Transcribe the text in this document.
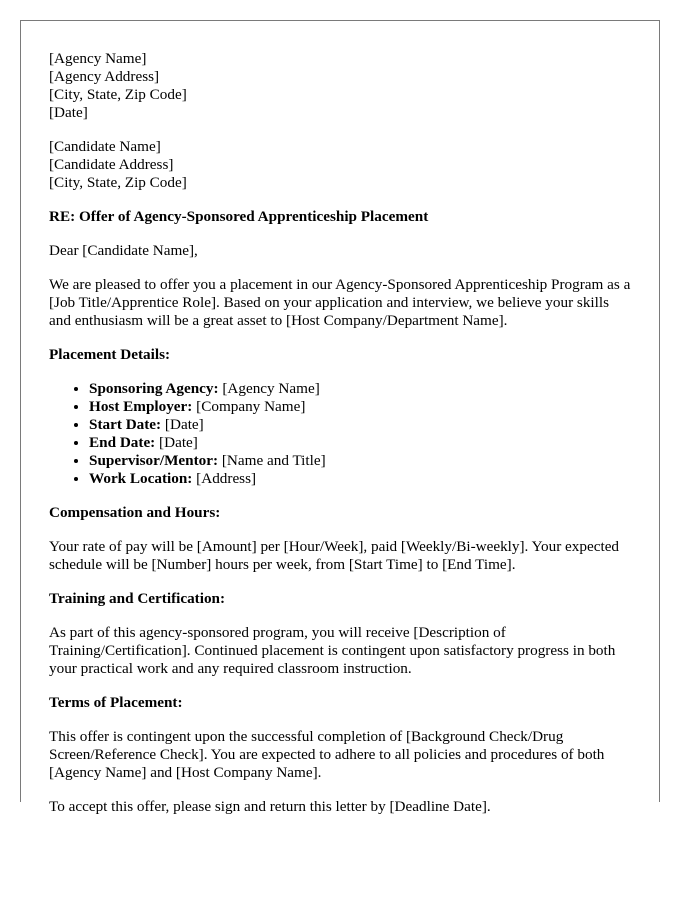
[Agency Name]
[Agency Address]
[City, State, Zip Code]
[Date]
[Candidate Name]
[Candidate Address]
[City, State, Zip Code]
RE: Offer of Agency-Sponsored Apprenticeship Placement

Dear [Candidate Name],

We are pleased to offer you a placement in our Agency-Sponsored Apprenticeship Program as a [Job Title/Apprentice Role]. Based on your application and interview, we believe your skills and enthusiasm will be a great asset to [Host Company/Department Name].

Placement Details:
• Sponsoring Agency: [Agency Name]
• Host Employer: [Company Name]
• Start Date: [Date]
• End Date: [Date]
• Supervisor/Mentor: [Name and Title]
• Work Location: [Address]
Compensation and Hours:

Your rate of pay will be [Amount] per [Hour/Week], paid [Weekly/Bi-weekly]. Your expected schedule will be [Number] hours per week, from [Start Time] to [End Time].

Training and Certification:

As part of this agency-sponsored program, you will receive [Description of Training/Certification]. Continued placement is contingent upon satisfactory progress in both your practical work and any required classroom instruction.

Terms of Placement:

This offer is contingent upon the successful completion of [Background Check/Drug Screen/Reference Check]. You are expected to adhere to all policies and procedures of both [Agency Name] and [Host Company Name].

To accept this offer, please sign and return this letter by [Deadline Date].
